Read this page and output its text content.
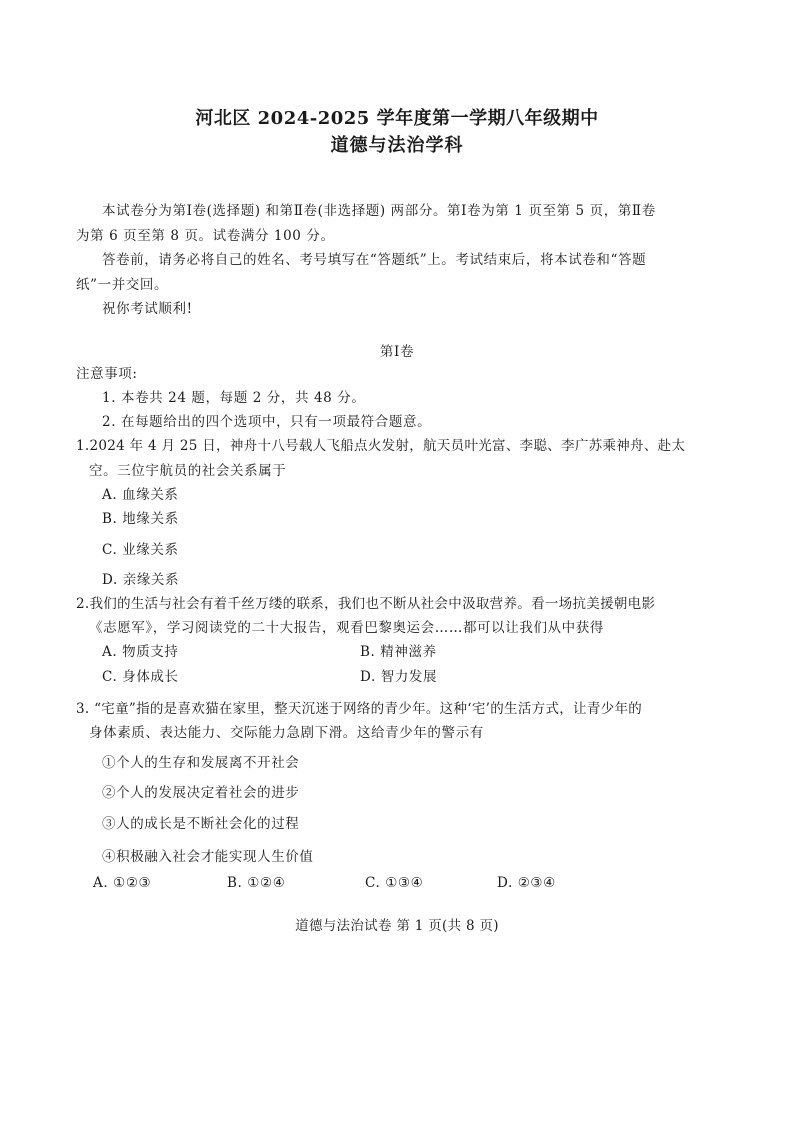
河北区 2024-2025 学年度第一学期八年级期中
道德与法治学科
本试卷分为第Ⅰ卷(选择题) 和第Ⅱ卷(非选择题) 两部分。第Ⅰ卷为第 1 页至第 5 页，第Ⅱ卷
为第 6 页至第 8 页。试卷满分 100 分。
答卷前，请务必将自己的姓名、考号填写在“答题纸”上。考试结束后，将本试卷和“答题
纸”一并交回。
祝你考试顺利!
第Ⅰ卷
注意事项:
1. 本卷共 24 题，每题 2 分，共 48 分。
2. 在每题给出的四个选项中，只有一项最符合题意。
1.2024 年 4 月 25 日，神舟十八号载人飞船点火发射，航天员叶光富、李聪、李广苏乘神舟、赴太
空。三位宇航员的社会关系属于
A. 血缘关系
B. 地缘关系
C. 业缘关系
D. 亲缘关系
2.我们的生活与社会有着千丝万缕的联系，我们也不断从社会中汲取营养。看一场抗美援朝电影
《志愿军》，学习阅读党的二十大报告，观看巴黎奥运会……都可以让我们从中获得
A. 物质支持	B. 精神滋养
C. 身体成长	D. 智力发展
3. “宅童”指的是喜欢猫在家里，整天沉迷于网络的青少年。这种‘宅’的生活方式，让青少年的
身体素质、表达能力、交际能力急剧下滑。这给青少年的警示有
①个人的生存和发展离不开社会
②个人的发展决定着社会的进步
③人的成长是不断社会化的过程
④积极融入社会才能实现人生价值
A. ①②③	B. ①②④	C. ①③④	D. ②③④
道德与法治试卷 第 1 页(共 8 页)
